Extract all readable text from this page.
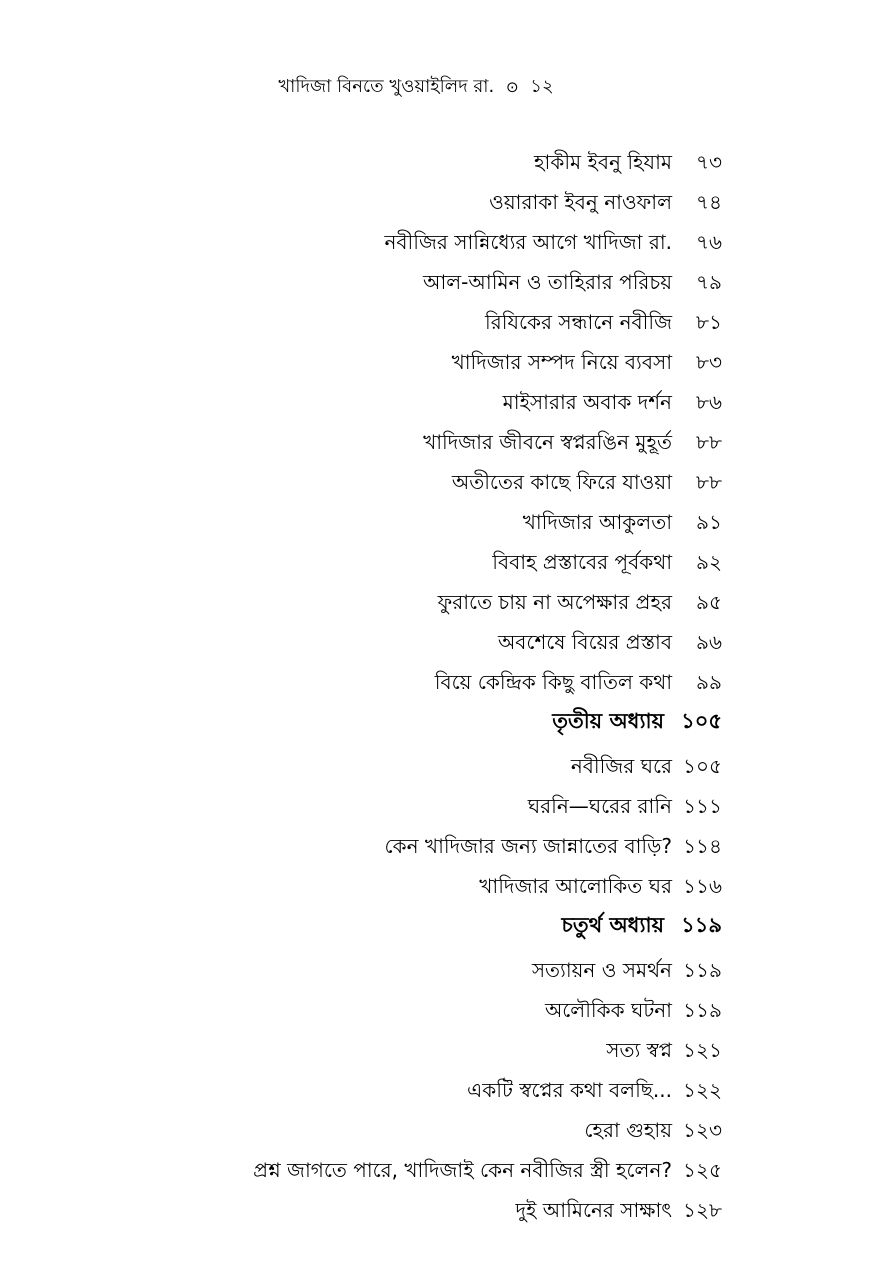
খাদিজা বিনতে খুওয়াইলিদ রা. ⊙ ১২
হাকীম ইবনু হিযাম ৭৩
ওয়ারাকা ইবনু নাওফাল ৭৪
নবীজির সান্নিধ্যের আগে খাদিজা রা. ৭৬
আল-আমিন ও তাহিরার পরিচয় ৭৯
রিযিকের সন্ধানে নবীজি ৮১
খাদিজার সম্পদ নিয়ে ব্যবসা ৮৩
মাইসারার অবাক দর্শন ৮৬
খাদিজার জীবনে স্বপ্নরঙিন মুহূর্ত ৮৮
অতীতের কাছে ফিরে যাওয়া ৮৮
খাদিজার আকুলতা ৯১
বিবাহ প্রস্তাবের পূর্বকথা ৯২
ফুরাতে চায় না অপেক্ষার প্রহর ৯৫
অবশেষে বিয়ের প্রস্তাব ৯৬
বিয়ে কেন্দ্রিক কিছু বাতিল কথা ৯৯
তৃতীয় অধ্যায় ১০৫
নবীজির ঘরে ১০৫
ঘরনি—ঘরের রানি ১১১
কেন খাদিজার জন্য জান্নাতের বাড়ি? ১১৪
খাদিজার আলোকিত ঘর ১১৬
চতুর্থ অধ্যায় ১১৯
সত্যায়ন ও সমর্থন ১১৯
অলৌকিক ঘটনা ১১৯
সত্য স্বপ্ন ১২১
একটি স্বপ্নের কথা বলছি... ১২২
হেরা গুহায় ১২৩
প্রশ্ন জাগতে পারে, খাদিজাই কেন নবীজির স্ত্রী হলেন? ১২৫
দুই আমিনের সাক্ষাৎ ১২৮
